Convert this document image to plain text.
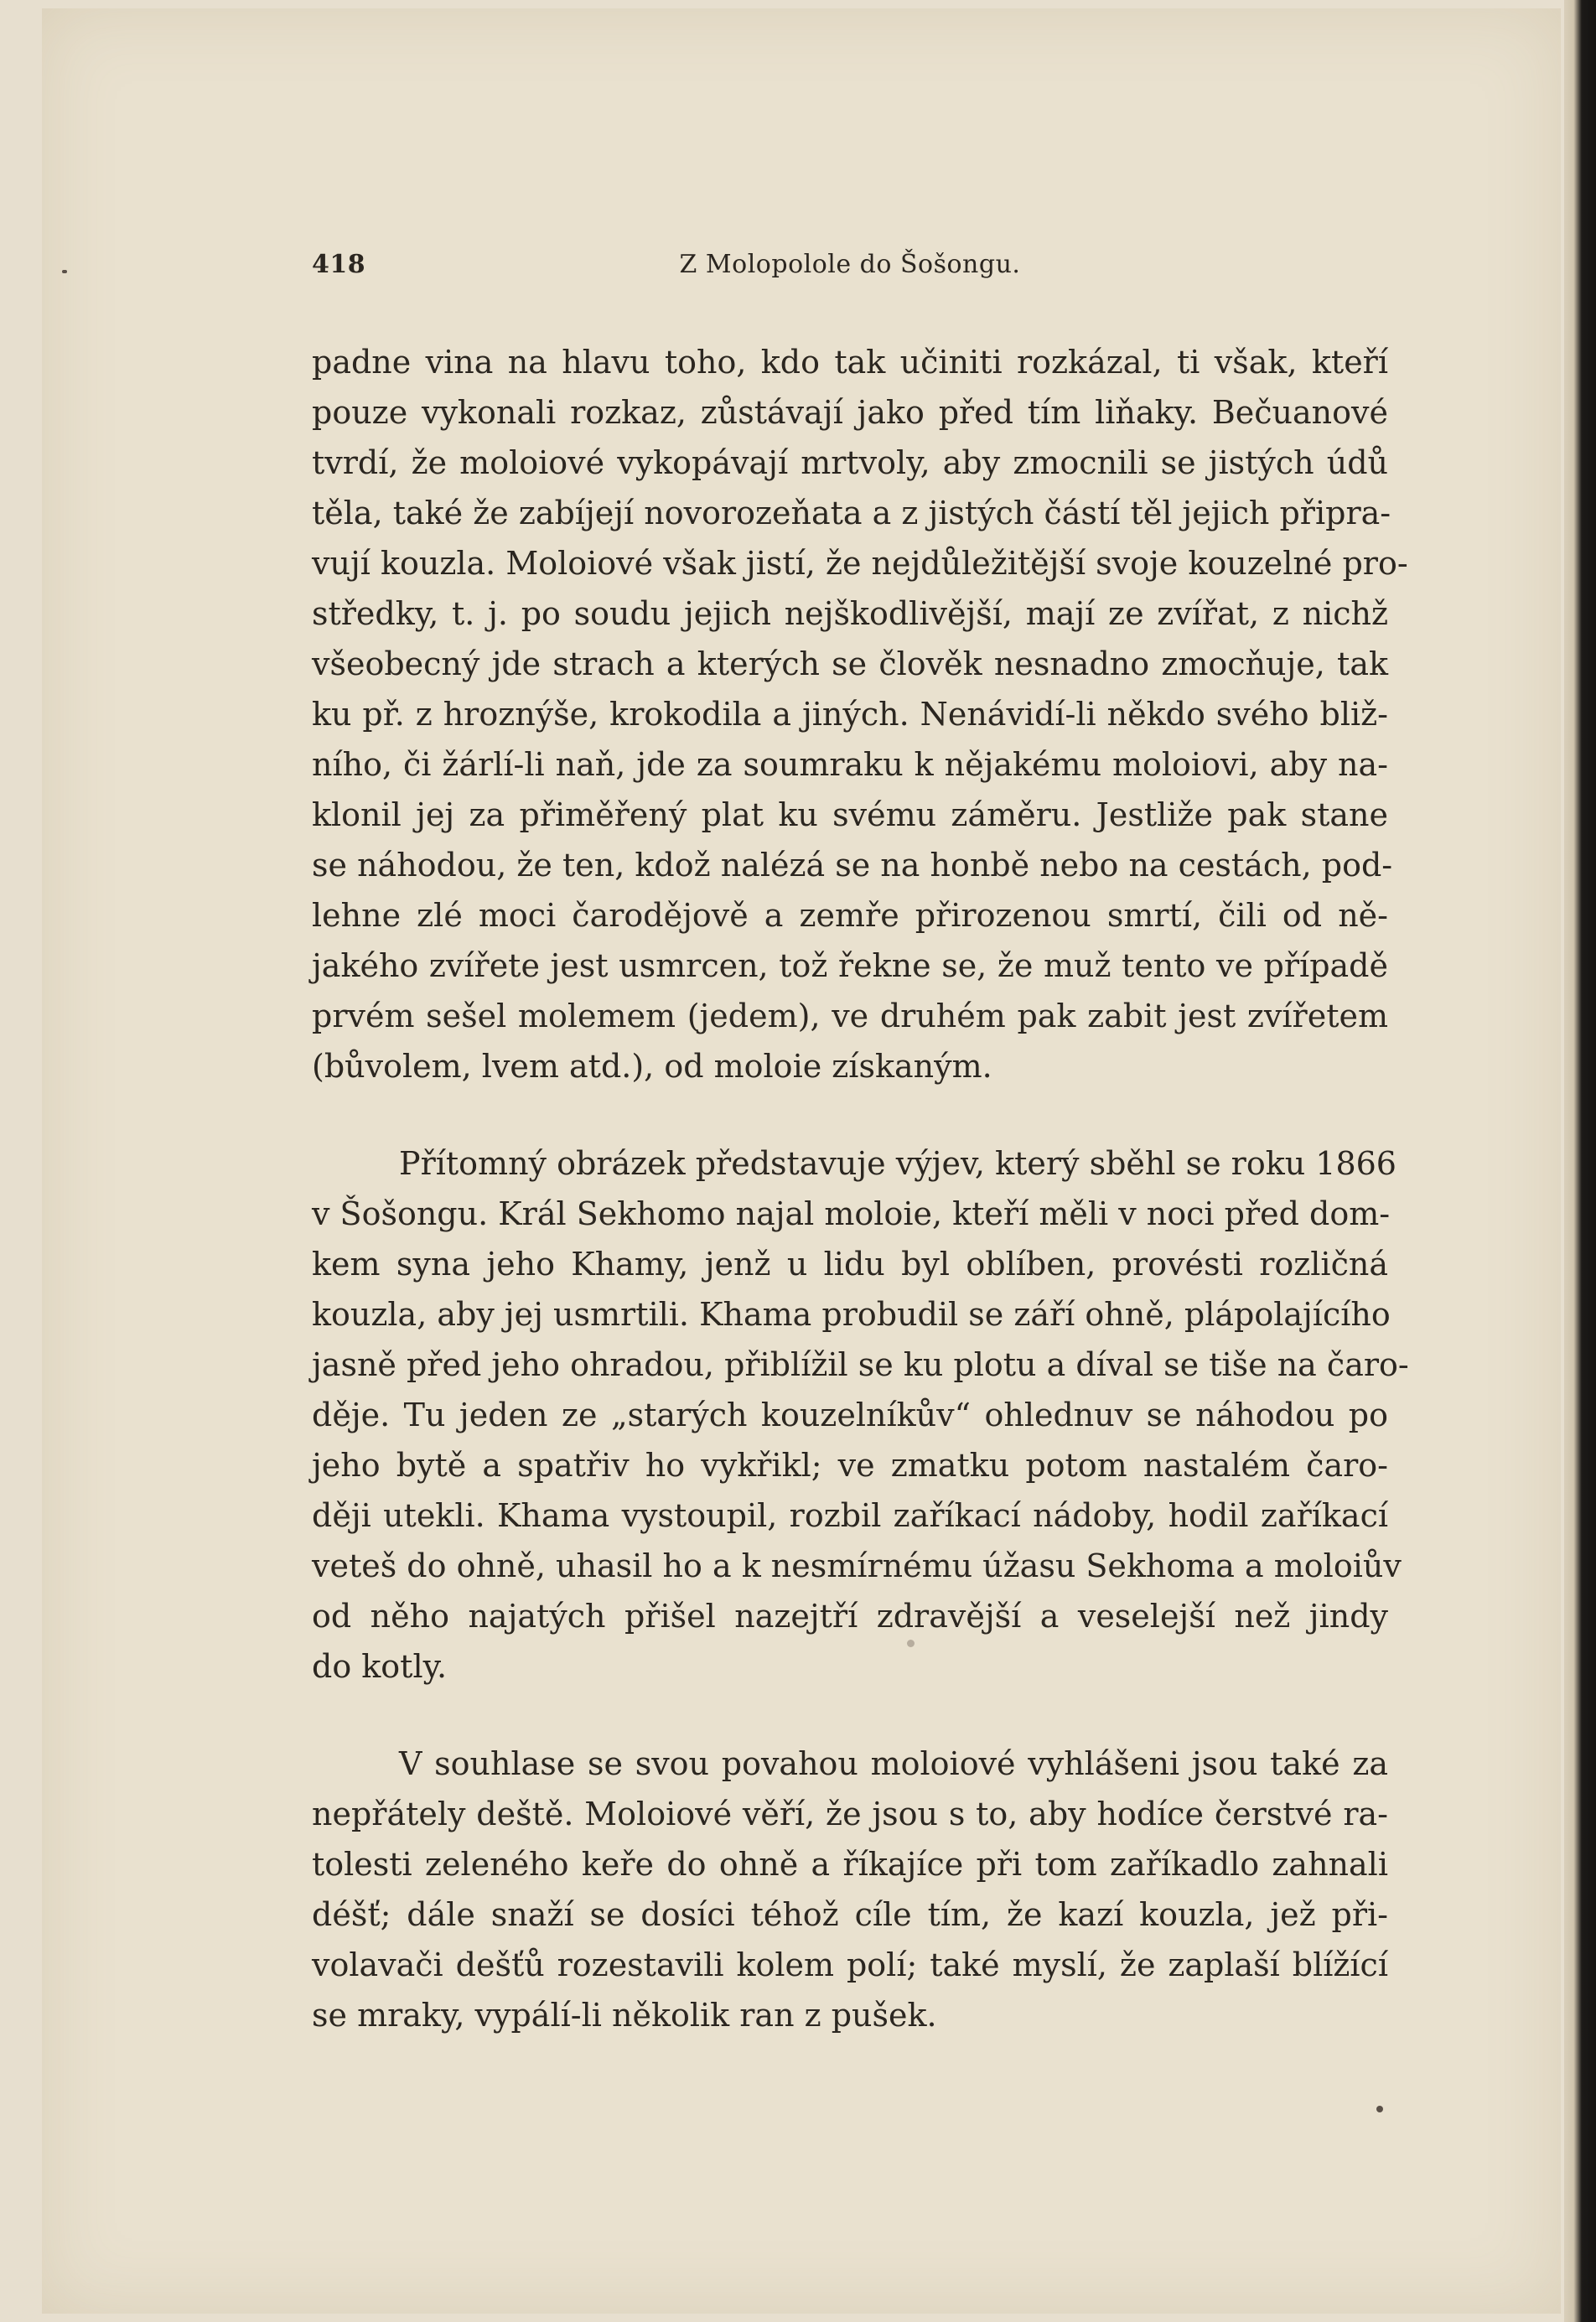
418	Z Molopolole do Šošongu.

padne vina na hlavu toho, kdo tak učiniti rozkázal, ti však, kteří
pouze vykonali rozkaz, zůstávají jako před tím liňaky. Bečuanové
tvrdí, že moloiové vykopávají mrtvoly, aby zmocnili se jistých údů
těla, také že zabíjejí novorozeňata a z jistých částí těl jejich připra-
vují kouzla. Moloiové však jistí, že nejdůležitější svoje kouzelné pro-
středky, t. j. po soudu jejich nejškodlivější, mají ze zvířat, z nichž
všeobecný jde strach a kterých se člověk nesnadno zmocňuje, tak
ku př. z hroznýše, krokodila a jiných. Nenávidí-li někdo svého bliž-
ního, či žárlí-li naň, jde za soumraku k nějakému moloiovi, aby na-
klonil jej za přiměřený plat ku svému záměru. Jestliže pak stane
se náhodou, že ten, kdož nalézá se na honbě nebo na cestách, pod-
lehne zlé moci čarodějově a zemře přirozenou smrtí, čili od ně-
jakého zvířete jest usmrcen, tož řekne se, že muž tento ve případě
prvém sešel molemem (jedem), ve druhém pak zabit jest zvířetem
(bůvolem, lvem atd.), od moloie získaným.

Přítomný obrázek představuje výjev, který sběhl se roku 1866
v Šošongu. Král Sekhomo najal moloie, kteří měli v noci před dom-
kem syna jeho Khamy, jenž u lidu byl oblíben, provésti rozličná
kouzla, aby jej usmrtili. Khama probudil se září ohně, plápolajícího
jasně před jeho ohradou, přiblížil se ku plotu a díval se tiše na čaro-
děje. Tu jeden ze „starých kouzelníkův“ ohlednuv se náhodou po
jeho bytě a spatřiv ho vykřikl; ve zmatku potom nastalém čaro-
ději utekli. Khama vystoupil, rozbil zaříkací nádoby, hodil zaříkací
veteš do ohně, uhasil ho a k nesmírnému úžasu Sekhoma a moloiův
od něho najatých přišel nazejtří zdravější a veselejší než jindy
do kotly.

V souhlase se svou povahou moloiové vyhlášeni jsou také za
nepřátely deště. Moloiové věří, že jsou s to, aby hodíce čerstvé ra-
tolesti zeleného keře do ohně a říkajíce při tom zaříkadlo zahnali
déšť; dále snaží se dosíci téhož cíle tím, že kazí kouzla, jež při-
volavači dešťů rozestavili kolem polí; také myslí, že zaplaší blížící
se mraky, vypálí-li několik ran z pušek.
